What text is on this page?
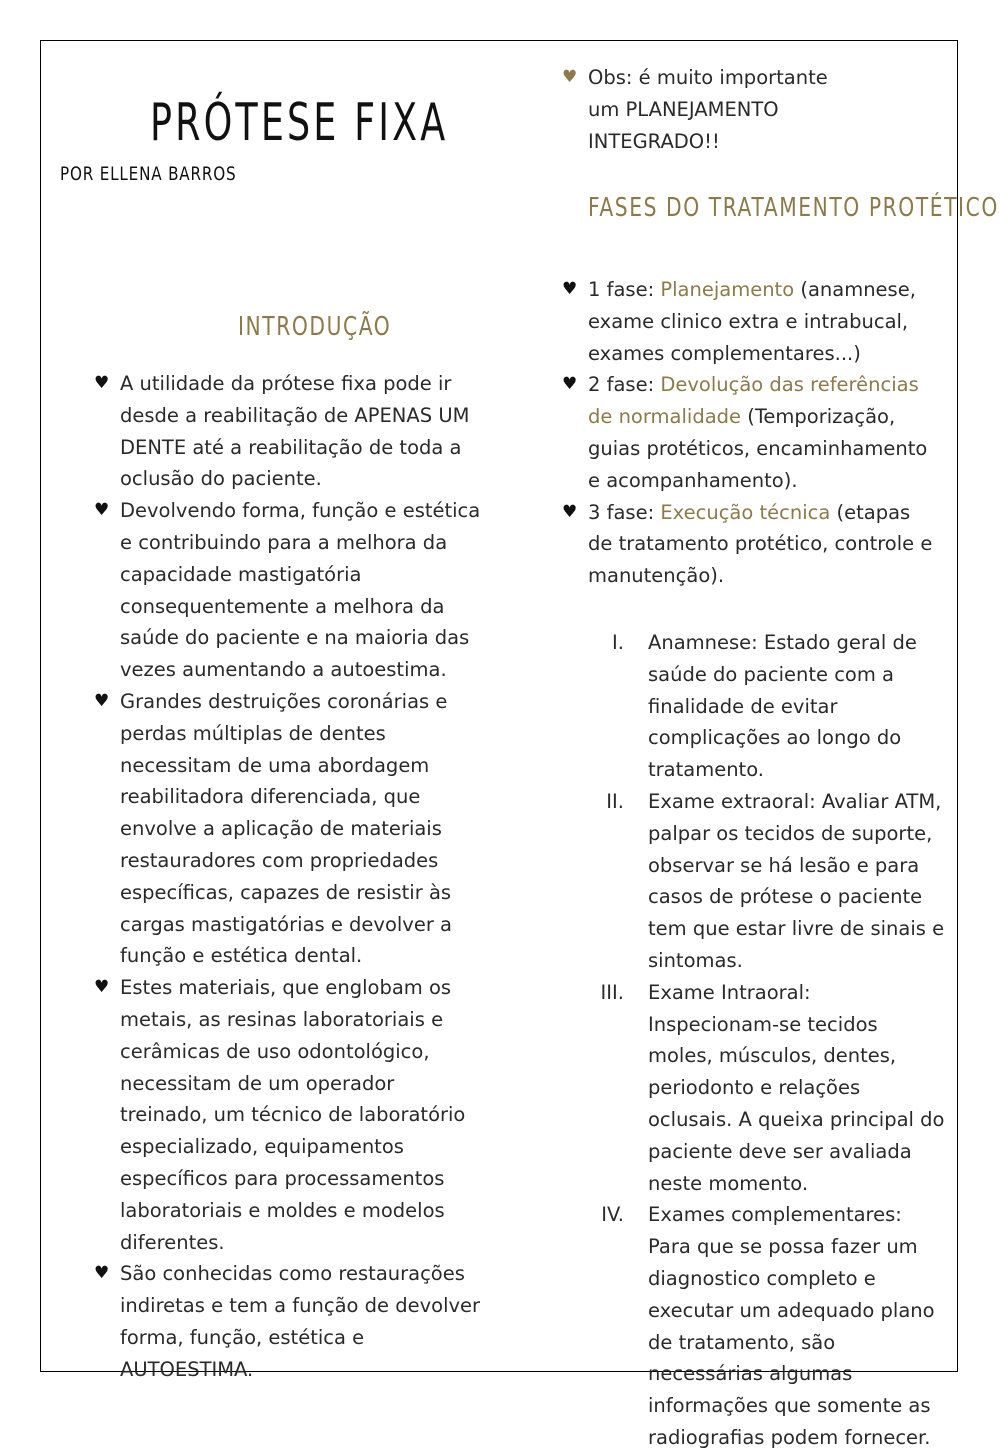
PRÓTESE FIXA
POR ELLENA BARROS
INTRODUÇÃO
♥ A utilidade da prótese fixa pode ir desde a reabilitação de APENAS UM DENTE até a reabilitação de toda a oclusão do paciente.
♥ Devolvendo forma, função e estética e contribuindo para a melhora da capacidade mastigatória consequentemente a melhora da saúde do paciente e na maioria das vezes aumentando a autoestima.
♥ Grandes destruições coronárias e perdas múltiplas de dentes necessitam de uma abordagem reabilitadora diferenciada, que envolve a aplicação de materiais restauradores com propriedades específicas, capazes de resistir às cargas mastigatórias e devolver a função e estética dental.
♥ Estes materiais, que englobam os metais, as resinas laboratoriais e cerâmicas de uso odontológico, necessitam de um operador treinado, um técnico de laboratório especializado, equipamentos específicos para processamentos laboratoriais e moldes e modelos diferentes.
♥ São conhecidas como restaurações indiretas e tem a função de devolver forma, função, estética e AUTOESTIMA.
♥ Obs: é muito importante um PLANEJAMENTO INTEGRADO!!
FASES DO TRATAMENTO PROTÉTICO
♥ 1 fase: Planejamento (anamnese, exame clinico extra e intrabucal, exames complementares...)
♥ 2 fase: Devolução das referências de normalidade (Temporização, guias protéticos, encaminhamento e acompanhamento).
♥ 3 fase: Execução técnica (etapas de tratamento protético, controle e manutenção).
I. Anamnese: Estado geral de saúde do paciente com a finalidade de evitar complicações ao longo do tratamento.
II. Exame extraoral: Avaliar ATM, palpar os tecidos de suporte, observar se há lesão e para casos de prótese o paciente tem que estar livre de sinais e sintomas.
III. Exame Intraoral: Inspecionam-se tecidos moles, músculos, dentes, periodonto e relações oclusais. A queixa principal do paciente deve ser avaliada neste momento.
IV. Exames complementares: Para que se possa fazer um diagnostico completo e executar um adequado plano de tratamento, são necessárias algumas informações que somente as radiografias podem fornecer.
